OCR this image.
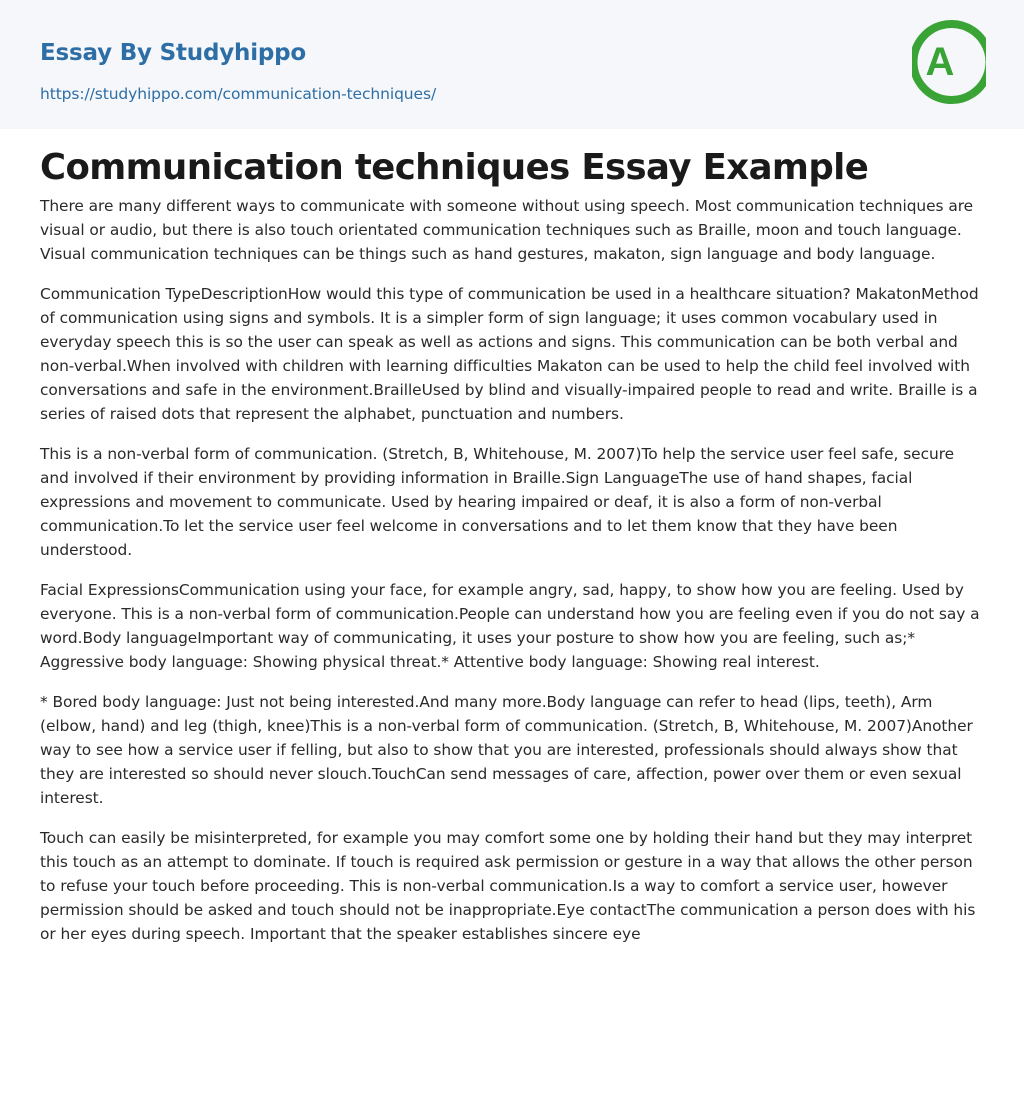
Essay By Studyhippo
https://studyhippo.com/communication-techniques/
A
Communication techniques Essay Example

There are many different ways to communicate with someone without using speech. Most communication techniques are visual or audio, but there is also touch orientated communication techniques such as Braille, moon and touch language. Visual communication techniques can be things such as hand gestures, makaton, sign language and body language.

Communication TypeDescriptionHow would this type of communication be used in a healthcare situation? MakatonMethod of communication using signs and symbols. It is a simpler form of sign language; it uses common vocabulary used in everyday speech this is so the user can speak as well as actions and signs. This communication can be both verbal and non-verbal.When involved with children with learning difficulties Makaton can be used to help the child feel involved with conversations and safe in the environment.BrailleUsed by blind and visually-impaired people to read and write. Braille is a series of raised dots that represent the alphabet, punctuation and numbers.

This is a non-verbal form of communication. (Stretch, B, Whitehouse, M. 2007)To help the service user feel safe, secure and involved if their environment by providing information in Braille.Sign LanguageThe use of hand shapes, facial expressions and movement to communicate. Used by hearing impaired or deaf, it is also a form of non-verbal communication.To let the service user feel welcome in conversations and to let them know that they have been understood.

Facial ExpressionsCommunication using your face, for example angry, sad, happy, to show how you are feeling. Used by everyone. This is a non-verbal form of communication.People can understand how you are feeling even if you do not say a word.Body languageImportant way of communicating, it uses your posture to show how you are feeling, such as;* Aggressive body language: Showing physical threat.* Attentive body language: Showing real interest.

* Bored body language: Just not being interested.And many more.Body language can refer to head (lips, teeth), Arm (elbow, hand) and leg (thigh, knee)This is a non-verbal form of communication. (Stretch, B, Whitehouse, M. 2007)Another way to see how a service user if felling, but also to show that you are interested, professionals should always show that they are interested so should never slouch.TouchCan send messages of care, affection, power over them or even sexual interest.

Touch can easily be misinterpreted, for example you may comfort some one by holding their hand but they may interpret this touch as an attempt to dominate. If touch is required ask permission or gesture in a way that allows the other person to refuse your touch before proceeding. This is non-verbal communication.Is a way to comfort a service user, however permission should be asked and touch should not be inappropriate.Eye contactThe communication a person does with his or her eyes during speech. Important that the speaker establishes sincere eye
